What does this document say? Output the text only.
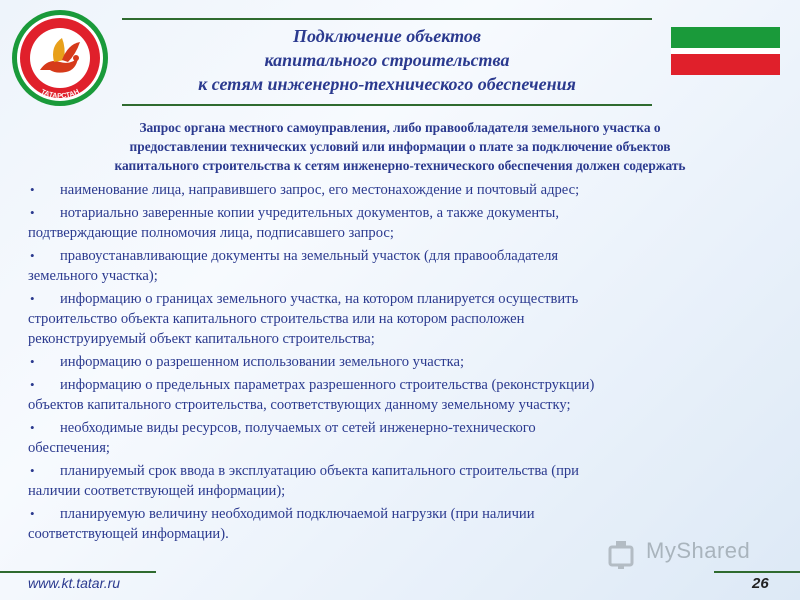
ТАТАРСТАН
Подключение объектов
капитального строительства
к сетям инженерно-технического обеспечения
Запрос органа местного самоуправления, либо правообладателя земельного участка о
предоставлении технических условий или информации о плате за подключение объектов
капитального строительства к сетям инженерно-технического обеспечения должен содержать
•	наименование лица, направившего запрос, его местонахождение и почтовый адрес;
•	нотариально заверенные копии учредительных документов, а также документы,
подтверждающие полномочия лица, подписавшего запрос;
•	правоустанавливающие документы на земельный участок (для правообладателя
земельного участка);
•	информацию о границах земельного участка, на котором планируется осуществить
строительство объекта капитального строительства или на котором расположен
реконструируемый объект капитального строительства;
•	информацию о разрешенном использовании земельного участка;
•	информацию о предельных параметрах разрешенного строительства (реконструкции)
объектов капитального строительства, соответствующих данному земельному участку;
•	необходимые виды ресурсов, получаемых от сетей инженерно-технического
обеспечения;
•	планируемый срок ввода в эксплуатацию объекта капитального строительства (при
наличии соответствующей информации);
•	планируемую величину необходимой подключаемой нагрузки (при наличии
соответствующей информации).
MyShared
www.kt.tatar.ru	26
